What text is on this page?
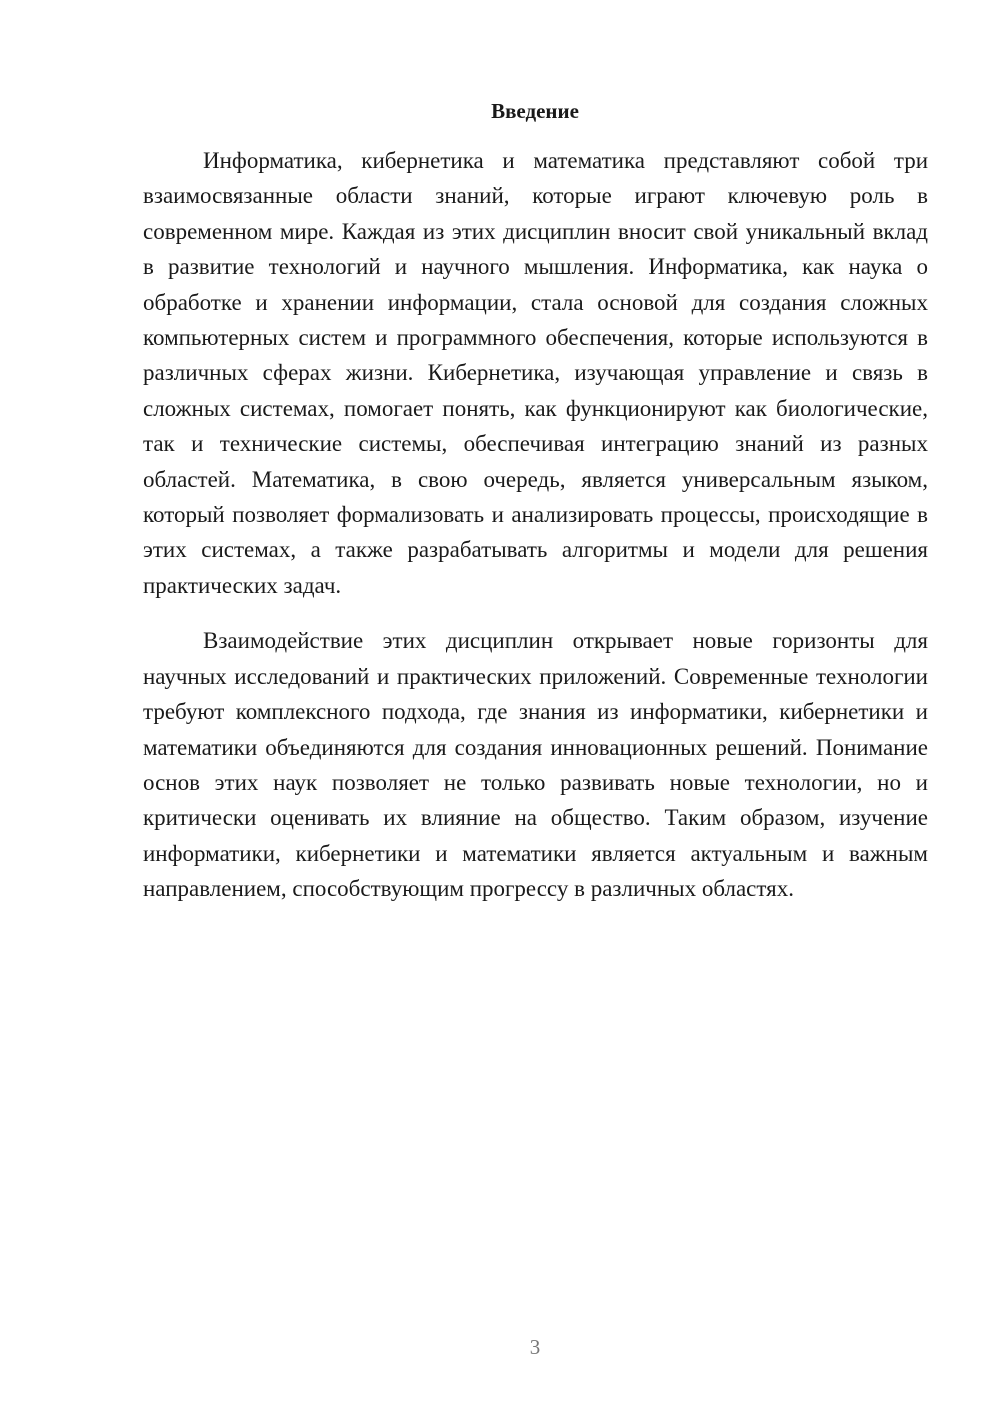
Введение

Информатика, кибернетика и математика представляют собой три взаимосвязанные области знаний, которые играют ключевую роль в современном мире. Каждая из этих дисциплин вносит свой уникальный вклад в развитие технологий и научного мышления. Информатика, как наука о обработке и хранении информации, стала основой для создания сложных компьютерных систем и программного обеспечения, которые используются в различных сферах жизни. Кибернетика, изучающая управление и связь в сложных системах, помогает понять, как функционируют как биологические, так и технические системы, обеспечивая интеграцию знаний из разных областей. Математика, в свою очередь, является универсальным языком, который позволяет формализовать и анализировать процессы, происходящие в этих системах, а также разрабатывать алгоритмы и модели для решения практических задач.

Взаимодействие этих дисциплин открывает новые горизонты для научных исследований и практических приложений. Современные технологии требуют комплексного подхода, где знания из информатики, кибернетики и математики объединяются для создания инновационных решений. Понимание основ этих наук позволяет не только развивать новые технологии, но и критически оценивать их влияние на общество. Таким образом, изучение информатики, кибернетики и математики является актуальным и важным направлением, способствующим прогрессу в различных областях.

3
